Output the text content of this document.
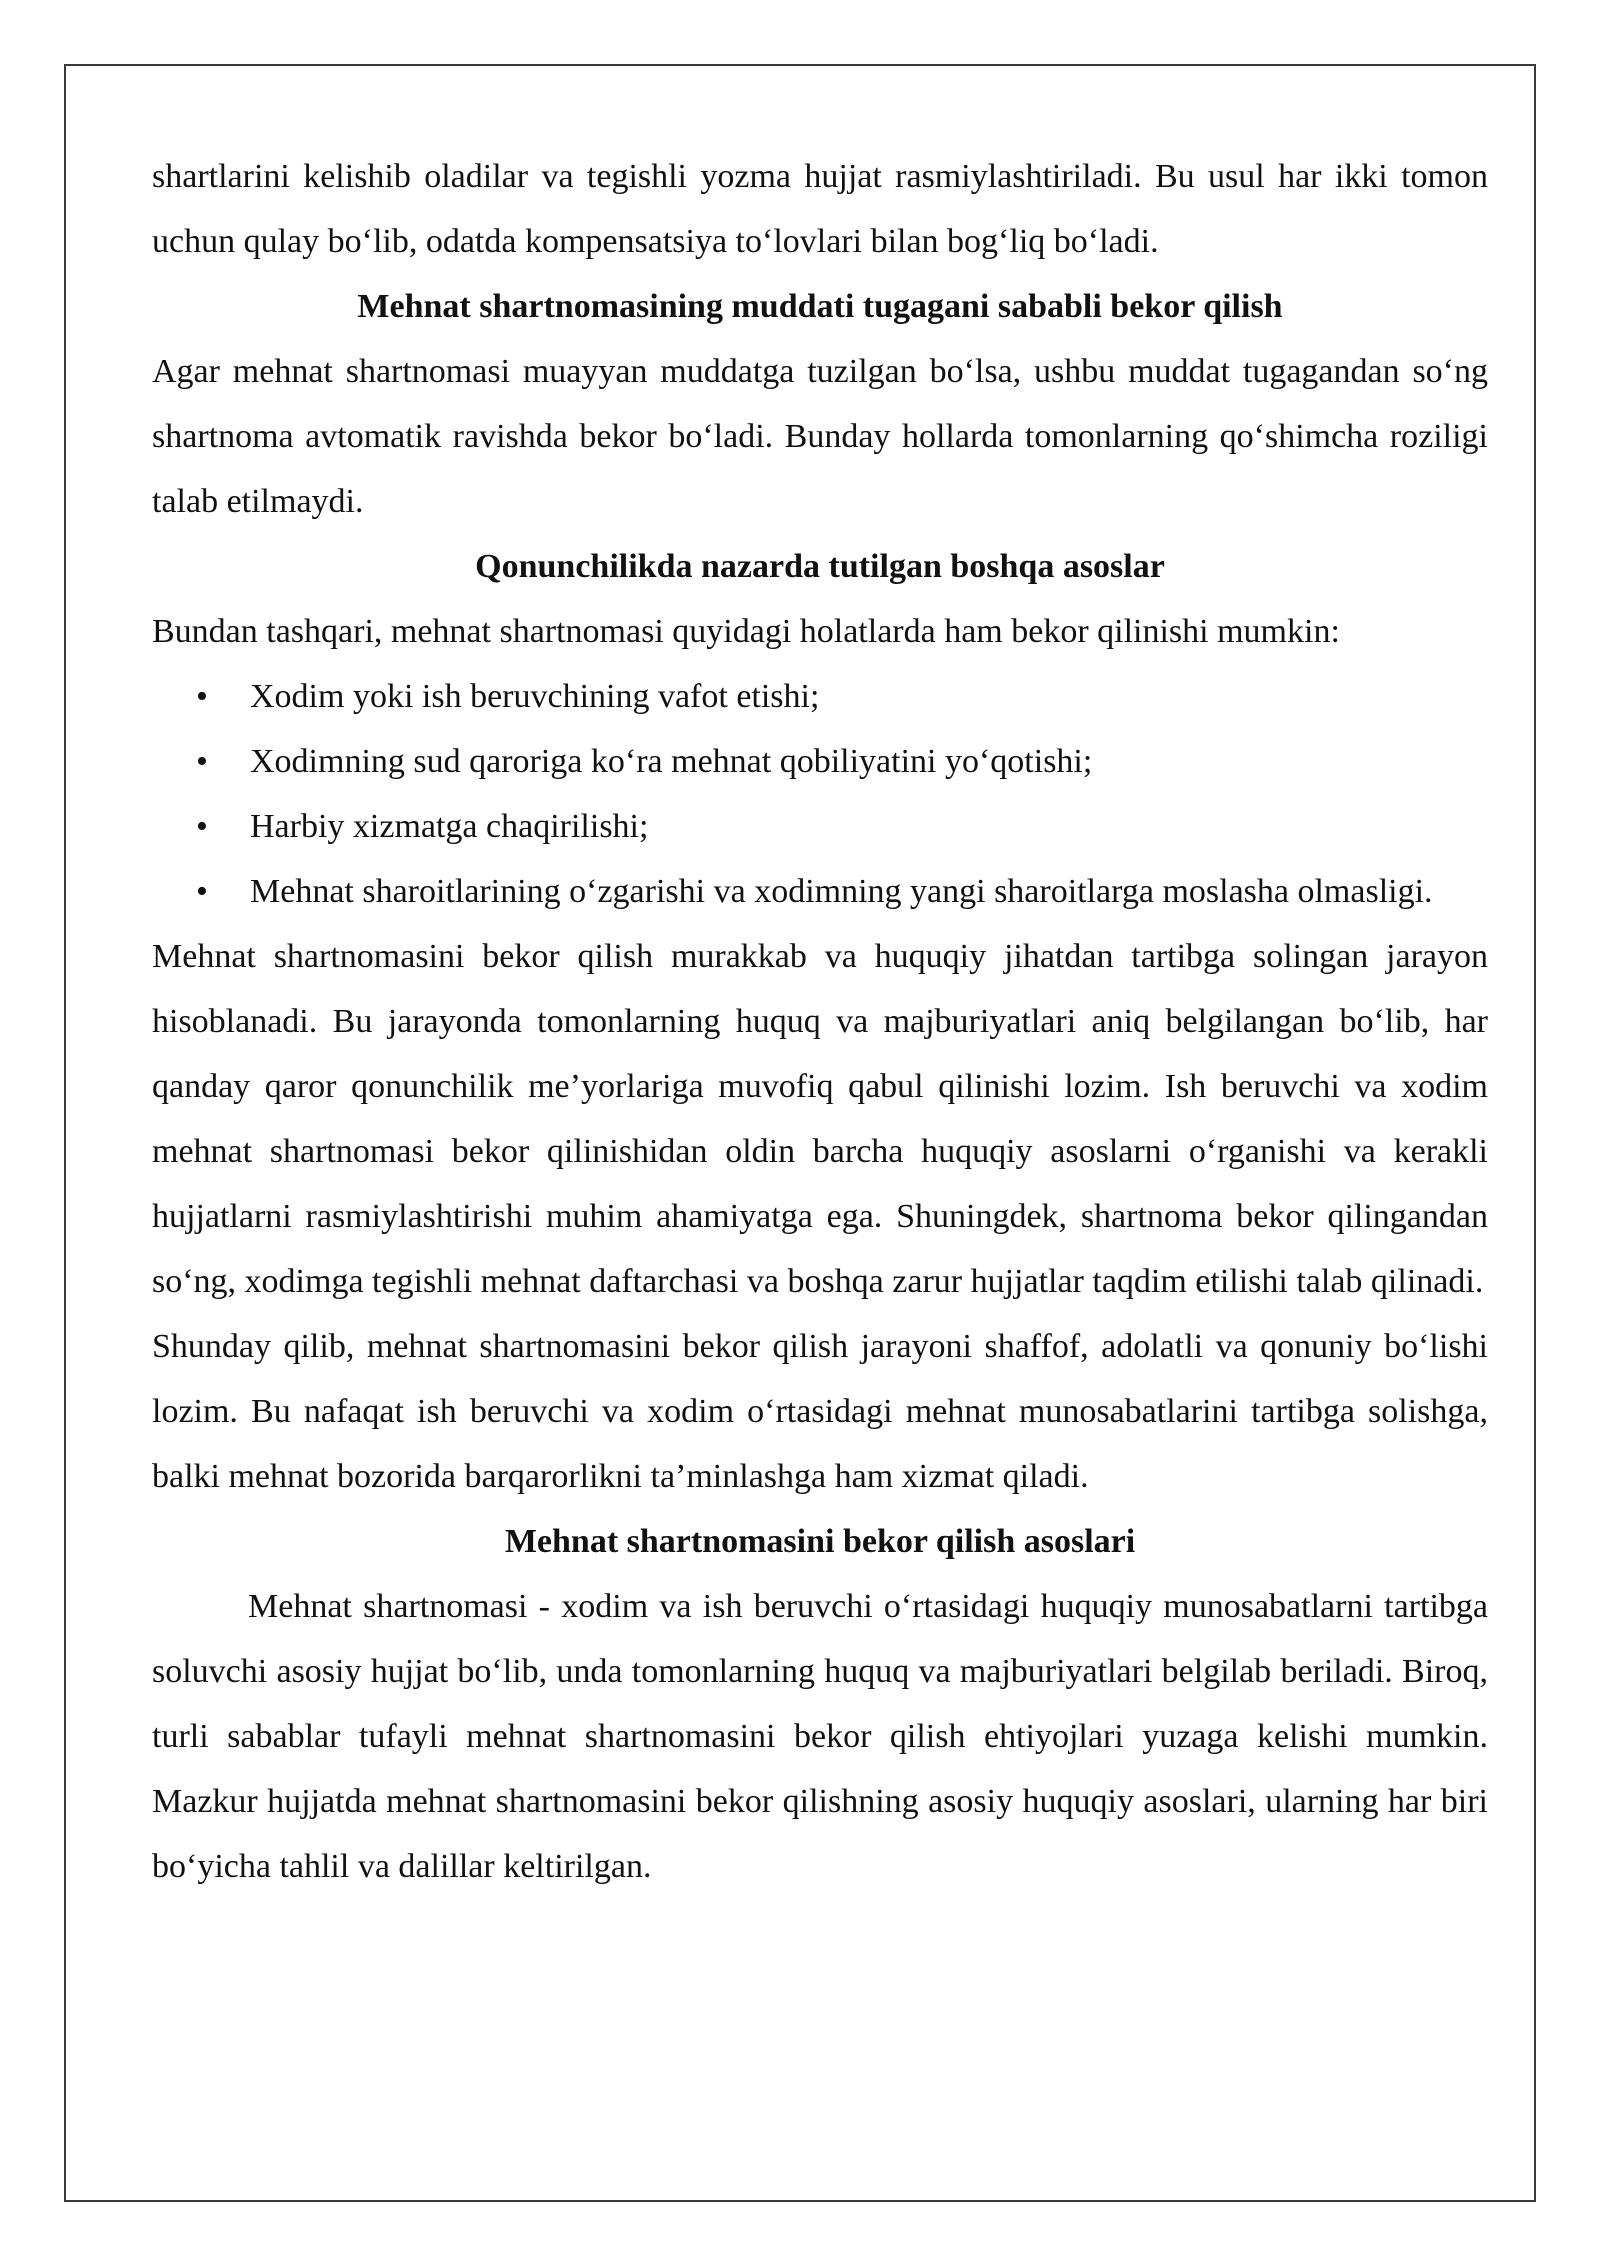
shartlarini kelishib oladilar va tegishli yozma hujjat rasmiylashtiriladi. Bu usul har ikki tomon uchun qulay bo‘lib, odatda kompensatsiya to‘lovlari bilan bog‘liq bo‘ladi.

Mehnat shartnomasining muddati tugagani sababli bekor qilish

Agar mehnat shartnomasi muayyan muddatga tuzilgan bo‘lsa, ushbu muddat tugagandan so‘ng shartnoma avtomatik ravishda bekor bo‘ladi. Bunday hollarda tomonlarning qo‘shimcha roziligi talab etilmaydi.

Qonunchilikda nazarda tutilgan boshqa asoslar

Bundan tashqari, mehnat shartnomasi quyidagi holatlarda ham bekor qilinishi mumkin:

• Xodim yoki ish beruvchining vafot etishi;
• Xodimning sud qaroriga ko‘ra mehnat qobiliyatini yo‘qotishi;
• Harbiy xizmatga chaqirilishi;
• Mehnat sharoitlarining o‘zgarishi va xodimning yangi sharoitlarga moslasha olmasligi.

Mehnat shartnomasini bekor qilish murakkab va huquqiy jihatdan tartibga solingan jarayon hisoblanadi. Bu jarayonda tomonlarning huquq va majburiyatlari aniq belgilangan bo‘lib, har qanday qaror qonunchilik me’yorlariga muvofiq qabul qilinishi lozim. Ish beruvchi va xodim mehnat shartnomasi bekor qilinishidan oldin barcha huquqiy asoslarni o‘rganishi va kerakli hujjatlarni rasmiylashtirishi muhim ahamiyatga ega. Shuningdek, shartnoma bekor qilingandan so‘ng, xodimga tegishli mehnat daftarchasi va boshqa zarur hujjatlar taqdim etilishi talab qilinadi.

Shunday qilib, mehnat shartnomasini bekor qilish jarayoni shaffof, adolatli va qonuniy bo‘lishi lozim. Bu nafaqat ish beruvchi va xodim o‘rtasidagi mehnat munosabatlarini tartibga solishga, balki mehnat bozorida barqarorlikni ta’minlashga ham xizmat qiladi.

Mehnat shartnomasini bekor qilish asoslari

Mehnat shartnomasi - xodim va ish beruvchi o‘rtasidagi huquqiy munosabatlarni tartibga soluvchi asosiy hujjat bo‘lib, unda tomonlarning huquq va majburiyatlari belgilab beriladi. Biroq, turli sabablar tufayli mehnat shartnomasini bekor qilish ehtiyojlari yuzaga kelishi mumkin. Mazkur hujjatda mehnat shartnomasini bekor qilishning asosiy huquqiy asoslari, ularning har biri bo‘yicha tahlil va dalillar keltirilgan.
